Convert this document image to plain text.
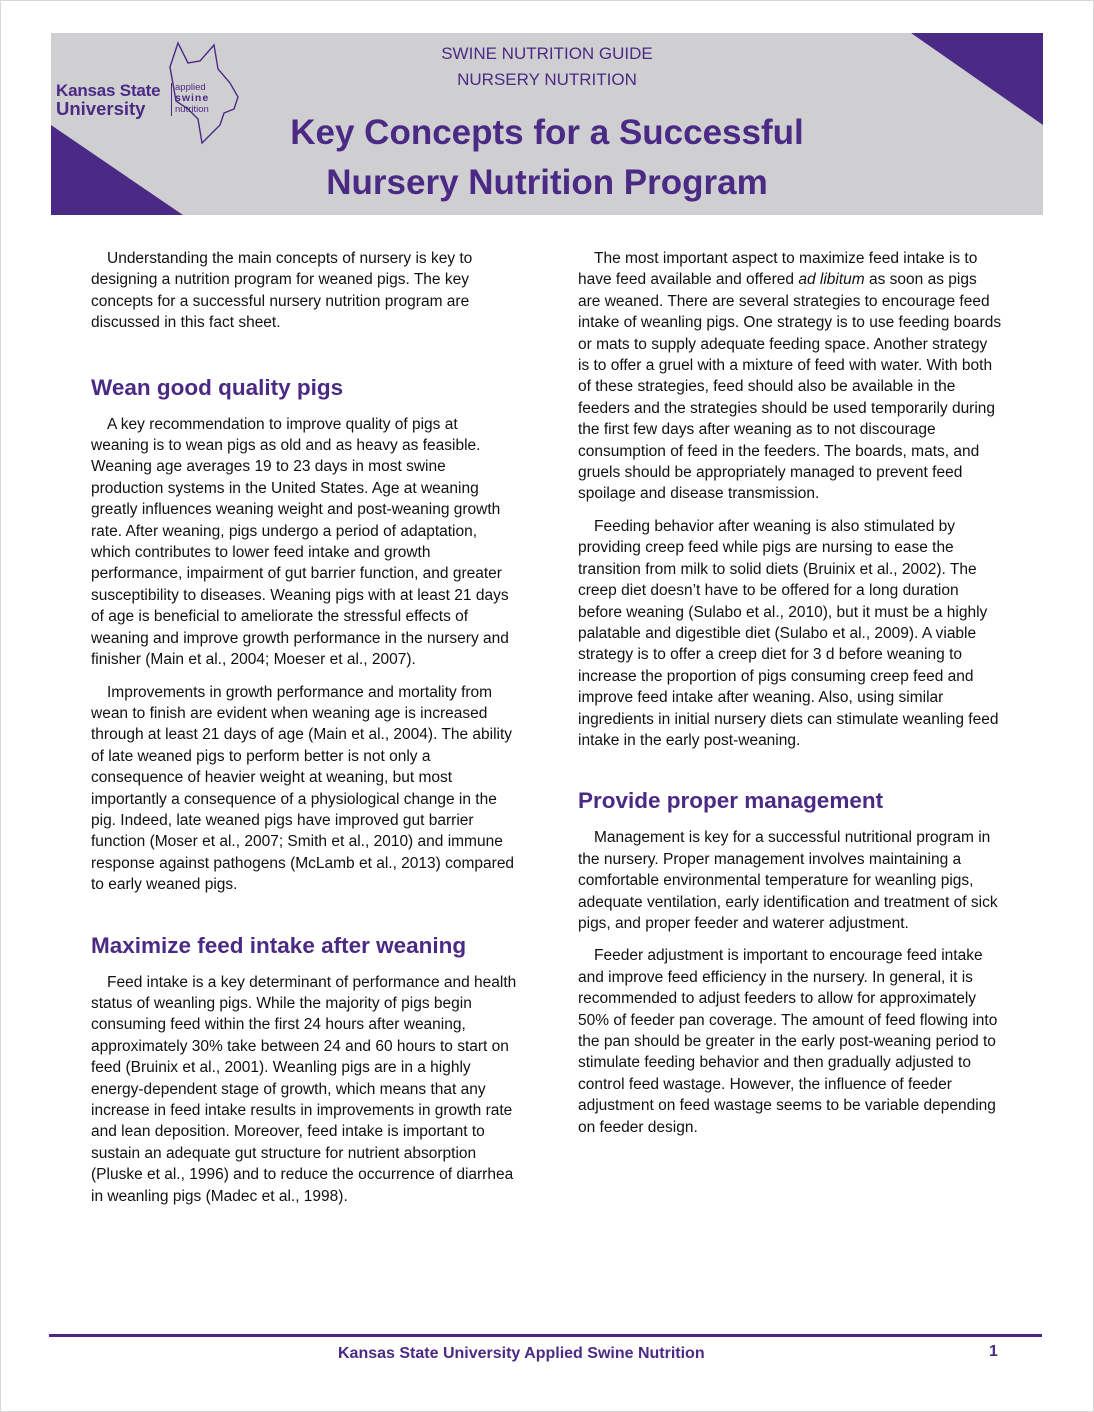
Kansas State
University
applied
swine
nutrition
SWINE NUTRITION GUIDE
NURSERY NUTRITION
Key Concepts for a Successful
Nursery Nutrition Program

Understanding the main concepts of nursery is key to designing a nutrition program for weaned pigs. The key concepts for a successful nursery nutrition program are discussed in this fact sheet.

Wean good quality pigs

A key recommendation to improve quality of pigs at weaning is to wean pigs as old and as heavy as feasible. Weaning age averages 19 to 23 days in most swine production systems in the United States. Age at weaning greatly influences weaning weight and post-weaning growth rate. After weaning, pigs undergo a period of adaptation, which contributes to lower feed intake and growth performance, impairment of gut barrier function, and greater susceptibility to diseases. Weaning pigs with at least 21 days of age is beneficial to ameliorate the stressful effects of weaning and improve growth performance in the nursery and finisher (Main et al., 2004; Moeser et al., 2007).

Improvements in growth performance and mortality from wean to finish are evident when weaning age is increased through at least 21 days of age (Main et al., 2004). The ability of late weaned pigs to perform better is not only a consequence of heavier weight at weaning, but most importantly a consequence of a physiological change in the pig. Indeed, late weaned pigs have improved gut barrier function (Moser et al., 2007; Smith et al., 2010) and immune response against pathogens (McLamb et al., 2013) compared to early weaned pigs.

Maximize feed intake after weaning

Feed intake is a key determinant of performance and health status of weanling pigs. While the majority of pigs begin consuming feed within the first 24 hours after weaning, approximately 30% take between 24 and 60 hours to start on feed (Bruinix et al., 2001). Weanling pigs are in a highly energy-dependent stage of growth, which means that any increase in feed intake results in improvements in growth rate and lean deposition. Moreover, feed intake is important to sustain an adequate gut structure for nutrient absorption (Pluske et al., 1996) and to reduce the occurrence of diarrhea in weanling pigs (Madec et al., 1998).

The most important aspect to maximize feed intake is to have feed available and offered ad libitum as soon as pigs are weaned. There are several strategies to encourage feed intake of weanling pigs. One strategy is to use feeding boards or mats to supply adequate feeding space. Another strategy is to offer a gruel with a mixture of feed with water. With both of these strategies, feed should also be available in the feeders and the strategies should be used temporarily during the first few days after weaning as to not discourage consumption of feed in the feeders. The boards, mats, and gruels should be appropriately managed to prevent feed spoilage and disease transmission.

Feeding behavior after weaning is also stimulated by providing creep feed while pigs are nursing to ease the transition from milk to solid diets (Bruinix et al., 2002). The creep diet doesn’t have to be offered for a long duration before weaning (Sulabo et al., 2010), but it must be a highly palatable and digestible diet (Sulabo et al., 2009). A viable strategy is to offer a creep diet for 3 d before weaning to increase the proportion of pigs consuming creep feed and improve feed intake after weaning. Also, using similar ingredients in initial nursery diets can stimulate weanling feed intake in the early post-weaning.

Provide proper management

Management is key for a successful nutritional program in the nursery. Proper management involves maintaining a comfortable environmental temperature for weanling pigs, adequate ventilation, early identification and treatment of sick pigs, and proper feeder and waterer adjustment.

Feeder adjustment is important to encourage feed intake and improve feed efficiency in the nursery. In general, it is recommended to adjust feeders to allow for approximately 50% of feeder pan coverage. The amount of feed flowing into the pan should be greater in the early post-weaning period to stimulate feeding behavior and then gradually adjusted to control feed wastage. However, the influence of feeder adjustment on feed wastage seems to be variable depending on feeder design.

Kansas State University Applied Swine Nutrition	1
